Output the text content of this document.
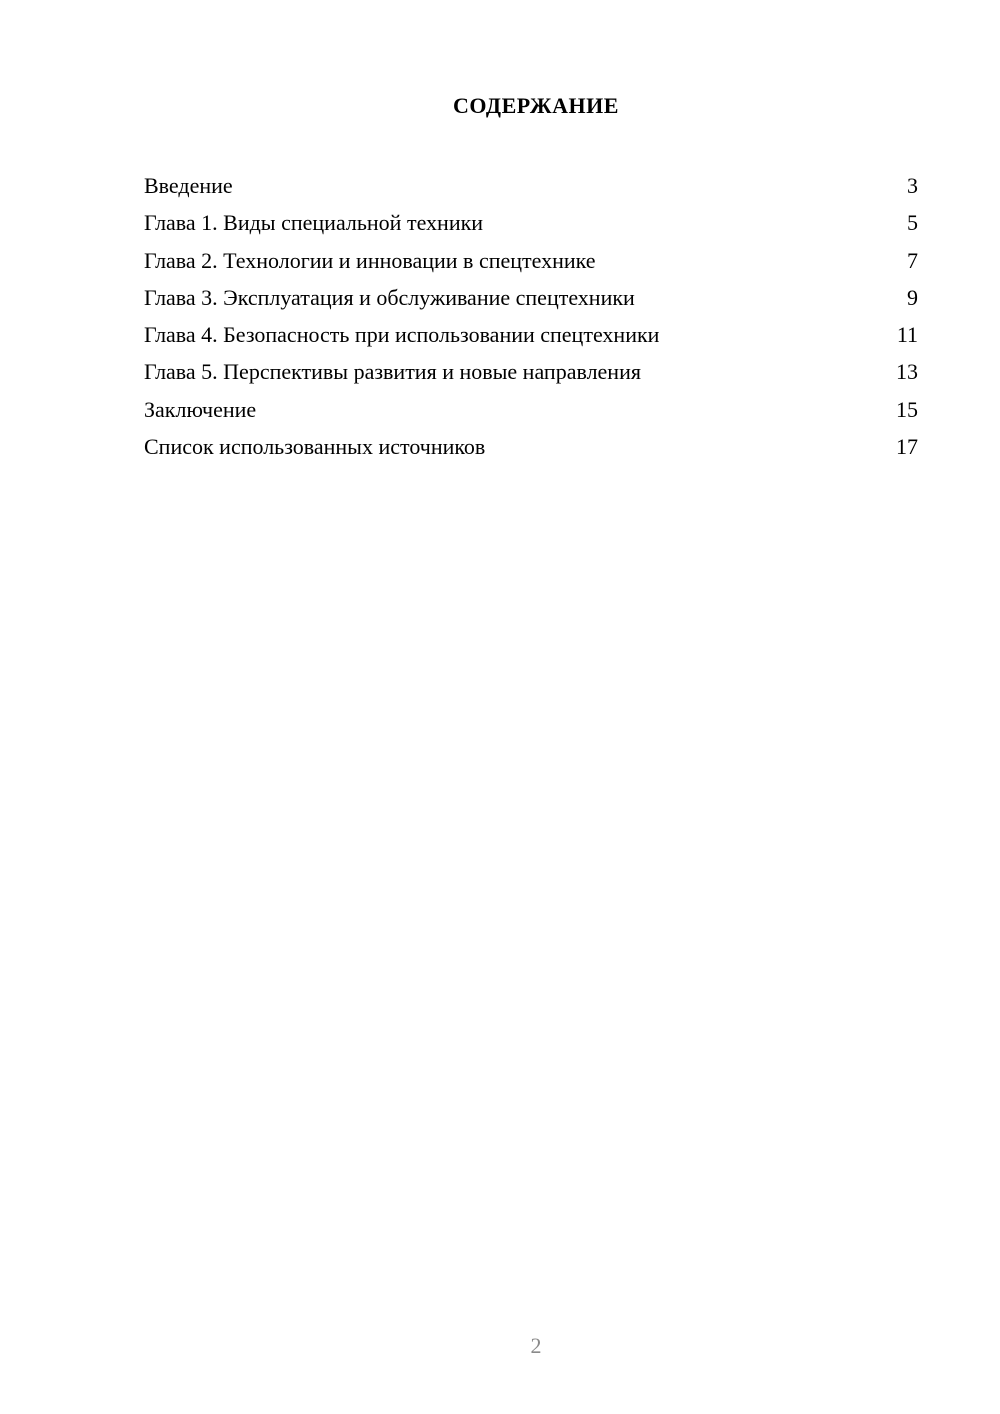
СОДЕРЖАНИЕ
Введение	3
Глава 1. Виды специальной техники	5
Глава 2. Технологии и инновации в спецтехнике	7
Глава 3. Эксплуатация и обслуживание спецтехники	9
Глава 4. Безопасность при использовании спецтехники	11
Глава 5. Перспективы развития и новые направления	13
Заключение	15
Список использованных источников	17
2
